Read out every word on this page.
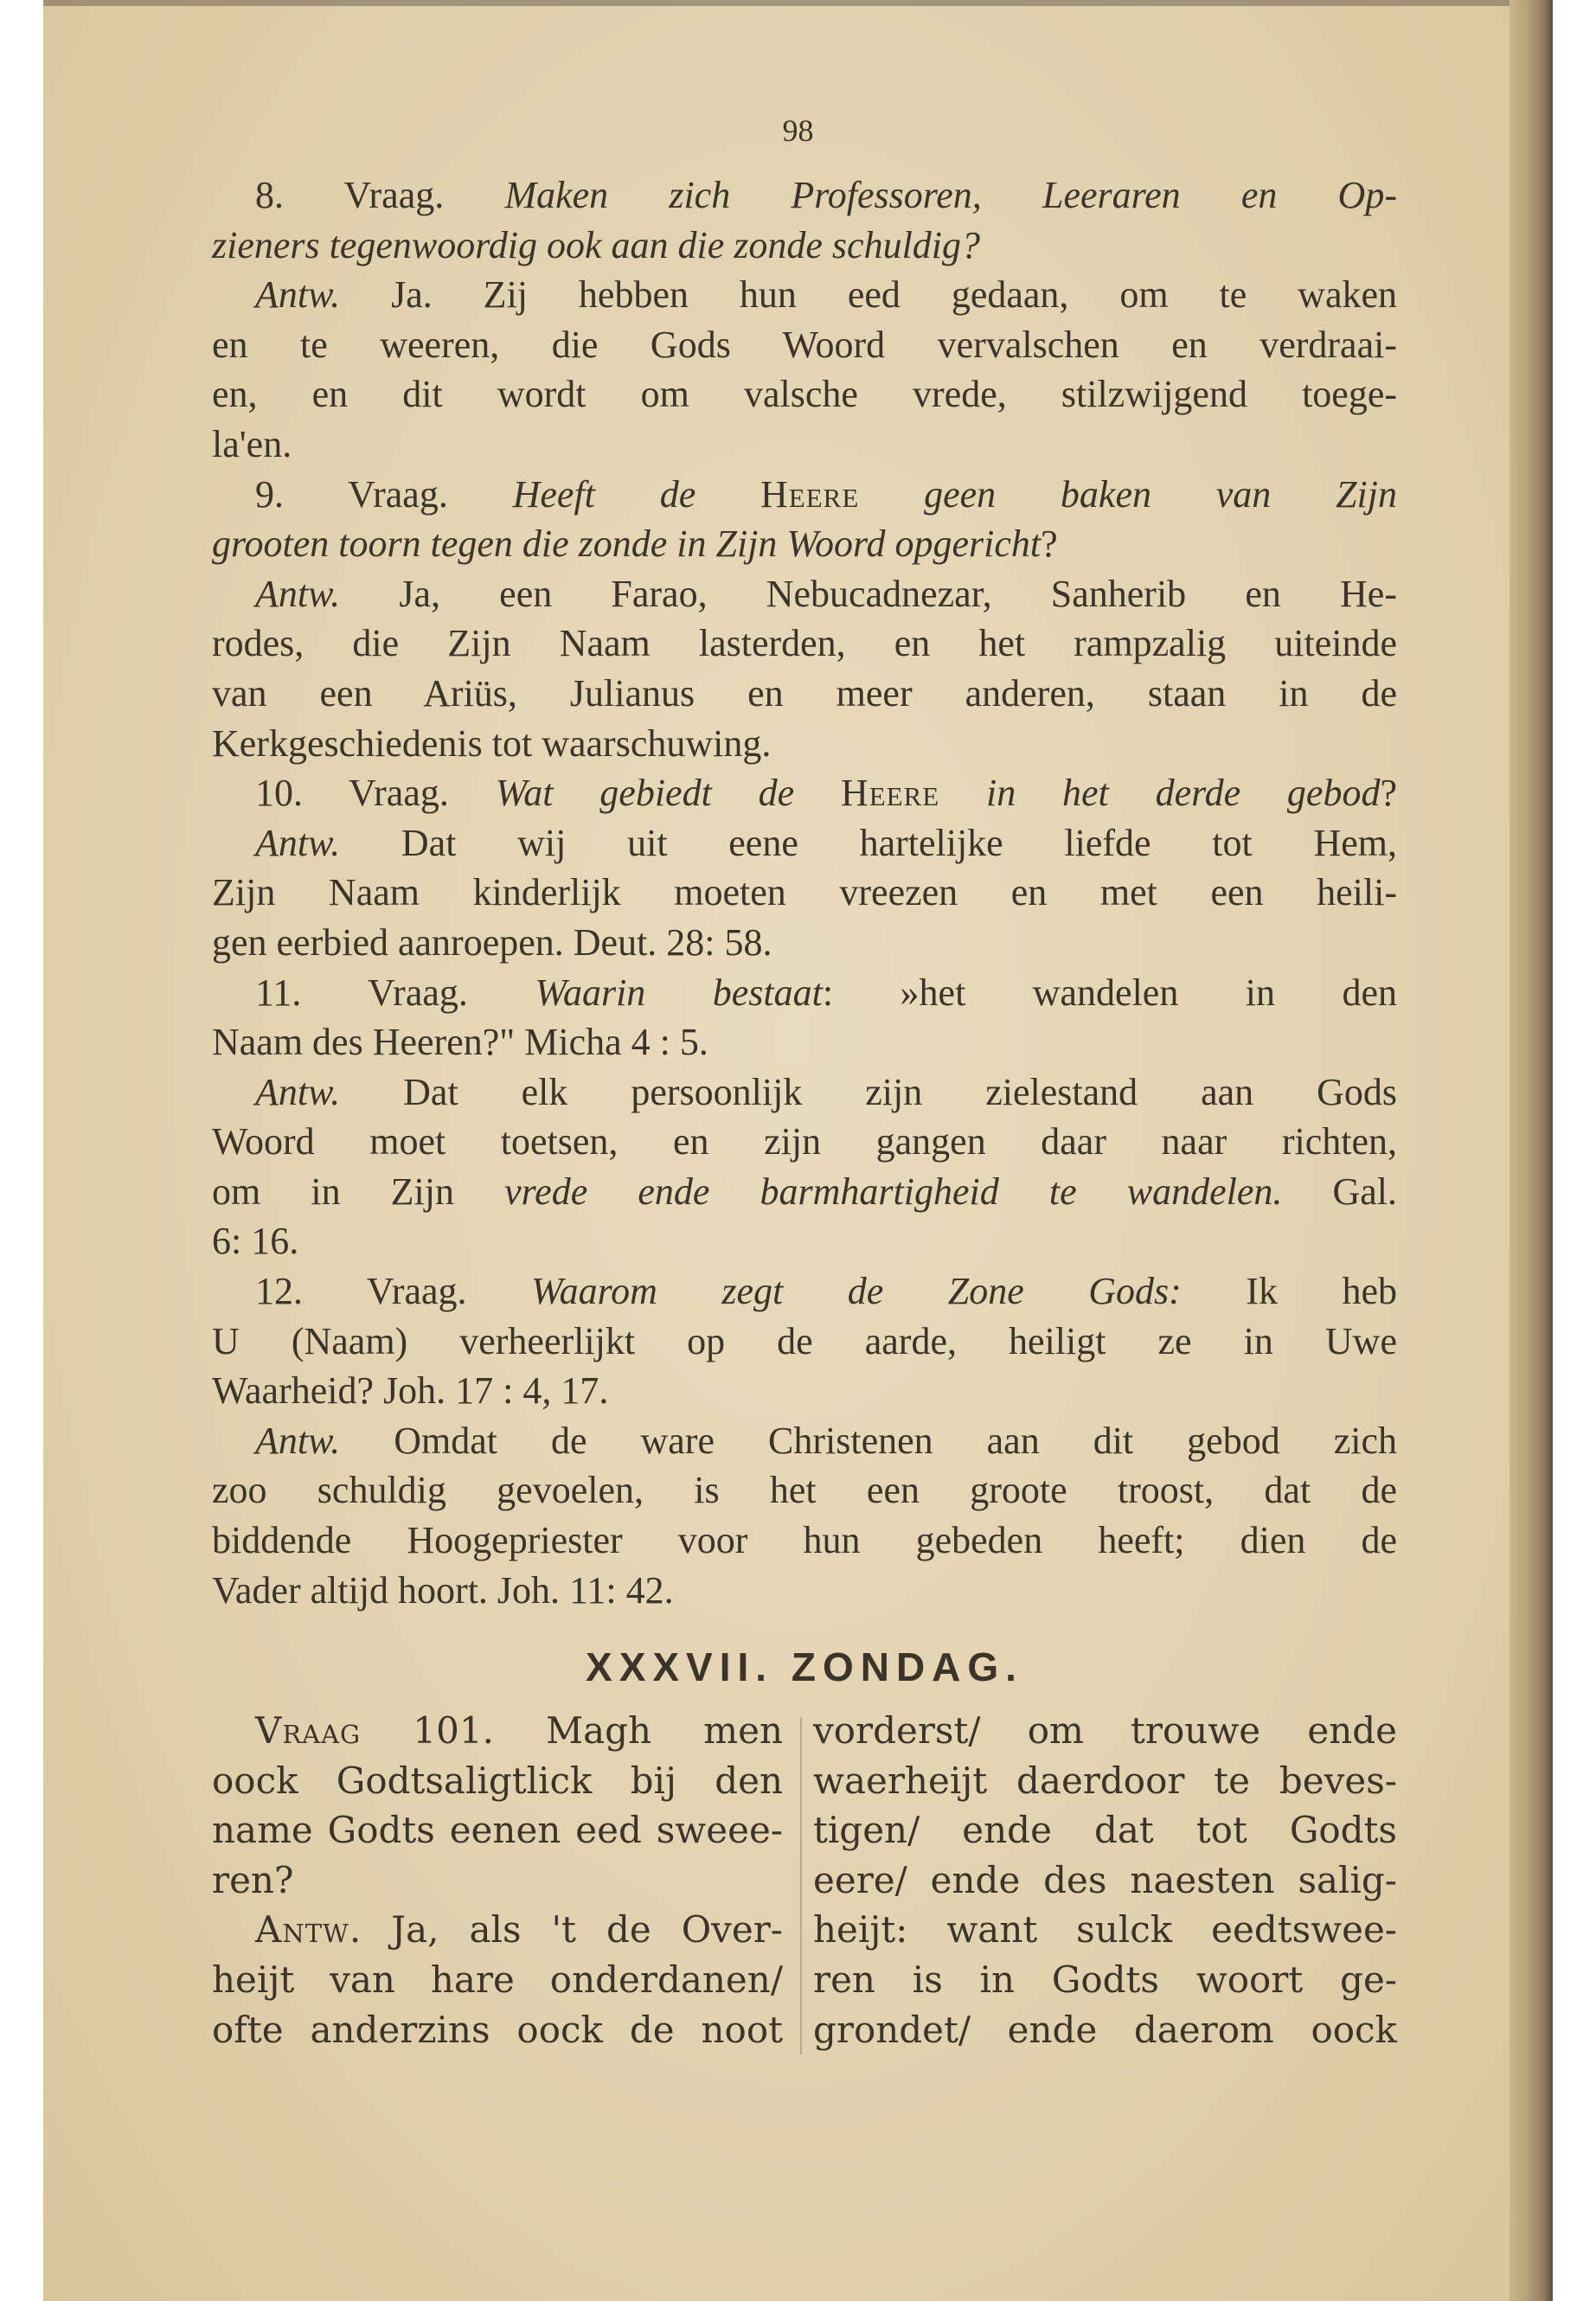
98
8. Vraag. Maken zich Professoren, Leeraren en Op-
zieners tegenwoordig ook aan die zonde schuldig?
Antw. Ja. Zij hebben hun eed gedaan, om te waken
en te weeren, die Gods Woord vervalschen en verdraai-
en, en dit wordt om valsche vrede, stilzwijgend toege-
la'en.
9. Vraag. Heeft de Heere geen baken van Zijn
grooten toorn tegen die zonde in Zijn Woord opgericht?
Antw. Ja, een Farao, Nebucadnezar, Sanherib en He-
rodes, die Zijn Naam lasterden, en het rampzalig uiteinde
van een Ariüs, Julianus en meer anderen, staan in de
Kerkgeschiedenis tot waarschuwing.
10. Vraag. Wat gebiedt de Heere in het derde gebod?
Antw. Dat wij uit eene hartelijke liefde tot Hem,
Zijn Naam kinderlijk moeten vreezen en met een heili-
gen eerbied aanroepen. Deut. 28: 58.
11. Vraag. Waarin bestaat: »het wandelen in den
Naam des Heeren?" Micha 4 : 5.
Antw. Dat elk persoonlijk zijn zielestand aan Gods
Woord moet toetsen, en zijn gangen daar naar richten,
om in Zijn vrede ende barmhartigheid te wandelen. Gal.
6: 16.
12. Vraag. Waarom zegt de Zone Gods: Ik heb
U (Naam) verheerlijkt op de aarde, heiligt ze in Uwe
Waarheid? Joh. 17 : 4, 17.
Antw. Omdat de ware Christenen aan dit gebod zich
zoo schuldig gevoelen, is het een groote troost, dat de
biddende Hoogepriester voor hun gebeden heeft; dien de
Vader altijd hoort. Joh. 11: 42.
XXXVII. ZONDAG.
Vraag 101. Magh men
oock Godtsaligtlick bij den
name Godts eenen eed sweee-
ren?
Antw. Ja, als 't de Over-
heijt van hare onderdanen/
ofte anderzins oock de noot
vorderst/ om trouwe ende
waerheijt daerdoor te beves-
tigen/ ende dat tot Godts
eere/ ende des naesten salig-
heijt: want sulck eedtswee-
ren is in Godts woort ge-
grondet/ ende daerom oock
